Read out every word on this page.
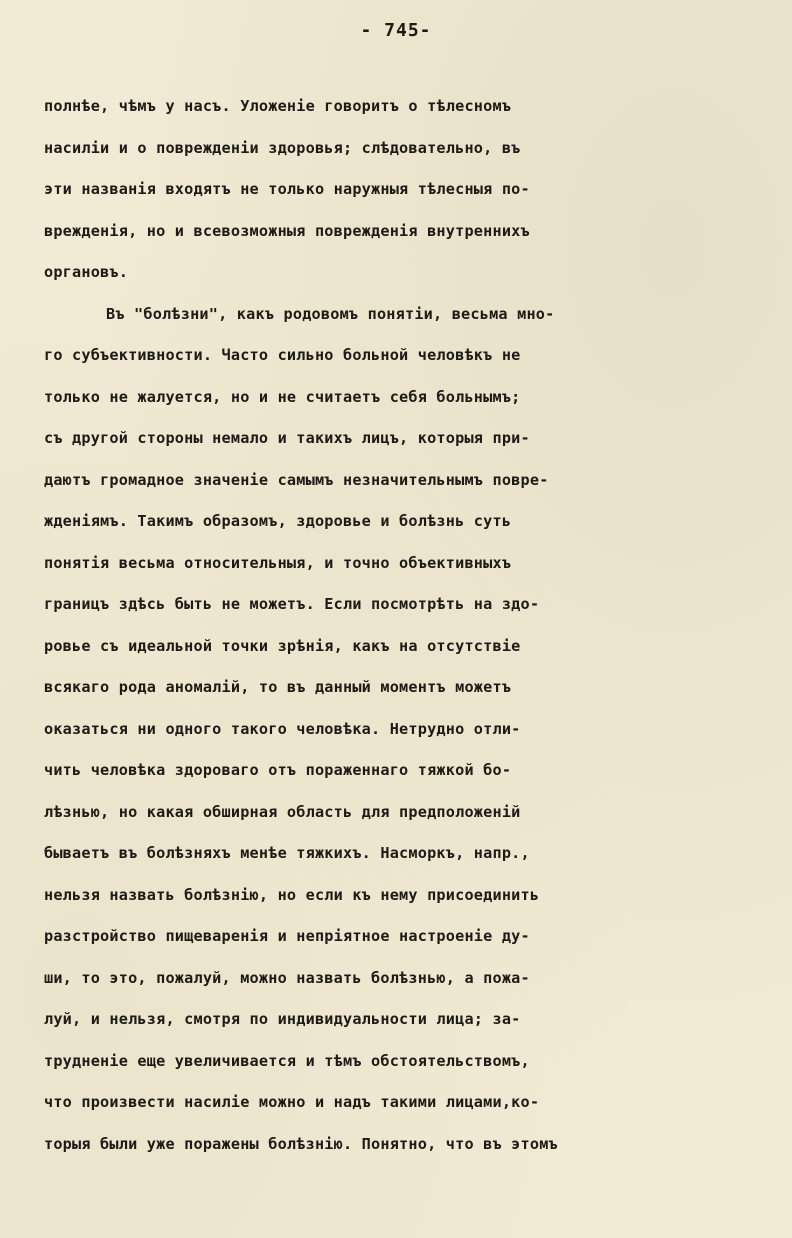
- 745-
полнѣе, чѣмъ у насъ. Уложенiе говоритъ о тѣлесномъ
насилiи и о поврежденiи здоровья; слѣдовательно, въ
эти названiя входятъ не только наружныя тѣлесныя по-
врежденiя, но и всевозможныя поврежденiя внутреннихъ
органовъ.
Въ "болѣзни", какъ родовомъ понятiи, весьма мно-
го субъективности. Часто сильно больной человѣкъ не
только не жалуется, но и не считаетъ себя больнымъ;
съ другой стороны немало и такихъ лицъ, которыя при-
даютъ громадное значенiе самымъ незначительнымъ повре-
жденiямъ. Такимъ образомъ, здоровье и болѣзнь суть
понятiя весьма относительныя, и точно объективныхъ
границъ здѣсь быть не можетъ. Если посмотрѣть на здо-
ровье съ идеальной точки зрѣнiя, какъ на отсутствiе
всякаго рода аномалiй, то въ данный моментъ можетъ
оказаться ни одного такого человѣка. Нетрудно отли-
чить человѣка здороваго отъ пораженнаго тяжкой бо-
лѣзнью, но какая обширная область для предположенiй
бываетъ въ болѣзняхъ менѣе тяжкихъ. Насморкъ, напр.,
нельзя назвать болѣзнiю, но если къ нему присоединить
разстройство пищеваренiя и непрiятное настроенiе ду-
ши, то это, пожалуй, можно назвать болѣзнью, а пожа-
луй, и нельзя, смотря по индивидуальности лица; за-
трудненiе еще увеличивается и тѣмъ обстоятельствомъ,
что произвести насилiе можно и надъ такими лицами,ко-
торыя были уже поражены болѣзнiю. Понятно, что въ этомъ
